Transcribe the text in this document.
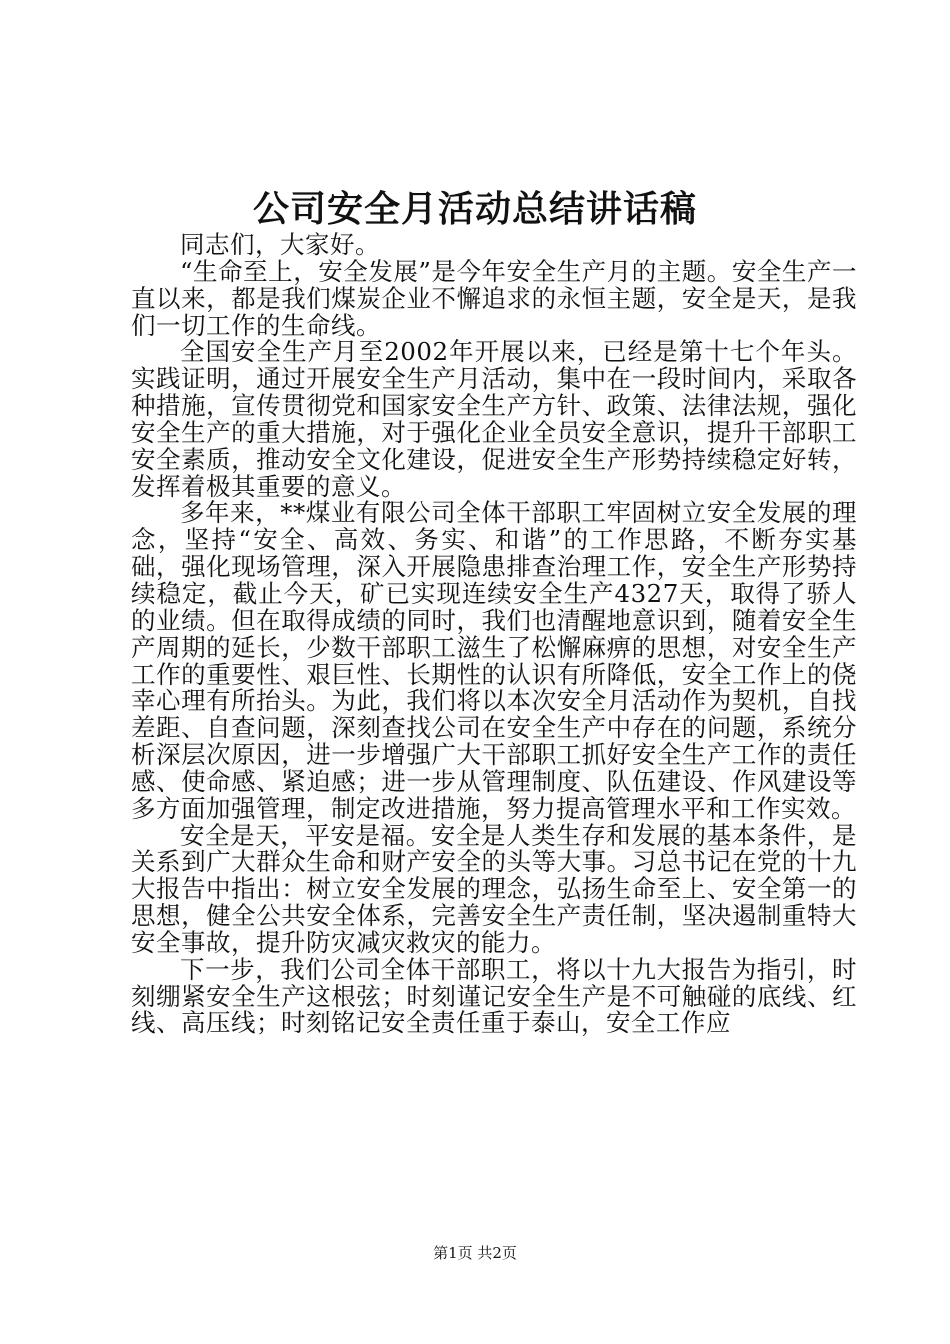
公司安全月活动总结讲话稿

同志们，大家好。

“生命至上，安全发展”是今年安全生产月的主题。安全生产一直以来，都是我们煤炭企业不懈追求的永恒主题，安全是天，是我们一切工作的生命线。

全国安全生产月至2002年开展以来，已经是第十七个年头。实践证明，通过开展安全生产月活动，集中在一段时间内，采取各种措施，宣传贯彻党和国家安全生产方针、政策、法律法规，强化安全生产的重大措施，对于强化企业全员安全意识，提升干部职工安全素质，推动安全文化建设，促进安全生产形势持续稳定好转，发挥着极其重要的意义。

多年来，**煤业有限公司全体干部职工牢固树立安全发展的理念，坚持“安全、高效、务实、和谐”的工作思路，不断夯实基础，强化现场管理，深入开展隐患排查治理工作，安全生产形势持续稳定，截止今天，矿已实现连续安全生产4327天，取得了骄人的业绩。但在取得成绩的同时，我们也清醒地意识到，随着安全生产周期的延长，少数干部职工滋生了松懈麻痹的思想，对安全生产工作的重要性、艰巨性、长期性的认识有所降低，安全工作上的侥幸心理有所抬头。为此，我们将以本次安全月活动作为契机，自找差距、自查问题，深刻查找公司在安全生产中存在的问题，系统分析深层次原因，进一步增强广大干部职工抓好安全生产工作的责任感、使命感、紧迫感；进一步从管理制度、队伍建设、作风建设等多方面加强管理，制定改进措施，努力提高管理水平和工作实效。

安全是天，平安是福。安全是人类生存和发展的基本条件，是关系到广大群众生命和财产安全的头等大事。习总书记在党的十九大报告中指出：树立安全发展的理念，弘扬生命至上、安全第一的思想，健全公共安全体系，完善安全生产责任制，坚决遏制重特大安全事故，提升防灾减灾救灾的能力。

下一步，我们公司全体干部职工，将以十九大报告为指引，时刻绷紧安全生产这根弦；时刻谨记安全生产是不可触碰的底线、红线、高压线；时刻铭记安全责任重于泰山，安全工作应

第1页 共2页
